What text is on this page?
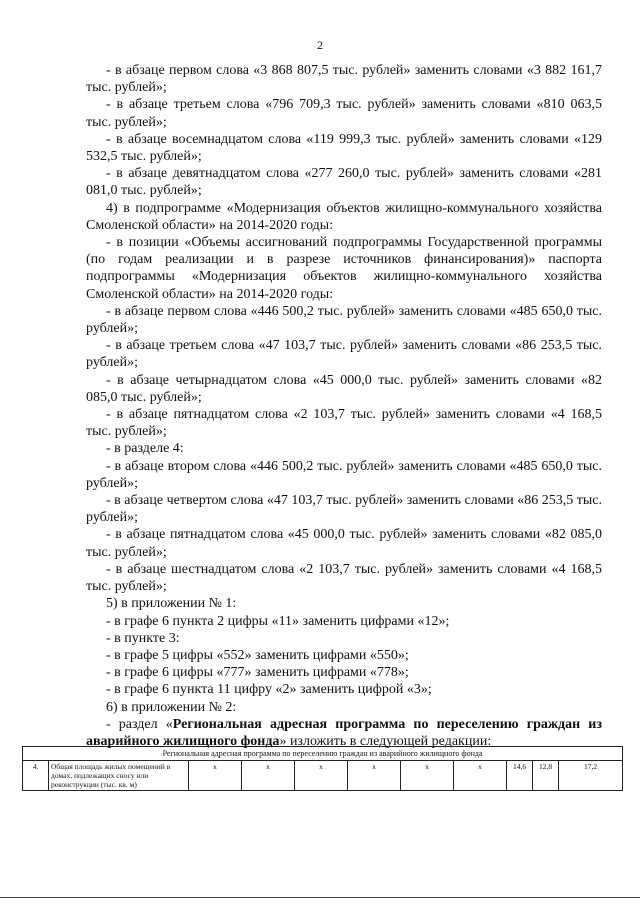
2

- в абзаце первом слова «3 868 807,5 тыс. рублей» заменить словами «3 882 161,7 тыс. рублей»;

- в абзаце третьем слова «796 709,3 тыс. рублей» заменить словами «810 063,5 тыс. рублей»;

- в абзаце восемнадцатом слова «119 999,3 тыс. рублей» заменить словами «129 532,5 тыс. рублей»;

- в абзаце девятнадцатом слова «277 260,0 тыс. рублей» заменить словами «281 081,0 тыс. рублей»;

4) в подпрограмме «Модернизация объектов жилищно-коммунального хозяйства Смоленской области» на 2014-2020 годы:

- в позиции «Объемы ассигнований подпрограммы Государственной программы (по годам реализации и в разрезе источников финансирования)» паспорта подпрограммы «Модернизация объектов жилищно-коммунального хозяйства Смоленской области» на 2014-2020 годы:

- в абзаце первом слова «446 500,2 тыс. рублей» заменить словами «485 650,0 тыс. рублей»;

- в абзаце третьем слова «47 103,7 тыс. рублей» заменить словами «86 253,5 тыс. рублей»;

- в абзаце четырнадцатом слова «45 000,0 тыс. рублей» заменить словами «82 085,0 тыс. рублей»;

- в абзаце пятнадцатом слова «2 103,7 тыс. рублей» заменить словами «4 168,5 тыс. рублей»;

- в разделе 4:

- в абзаце втором слова «446 500,2 тыс. рублей» заменить словами «485 650,0 тыс. рублей»;

- в абзаце четвертом слова «47 103,7 тыс. рублей» заменить словами «86 253,5 тыс. рублей»;

- в абзаце пятнадцатом слова «45 000,0 тыс. рублей» заменить словами «82 085,0 тыс. рублей»;

- в абзаце шестнадцатом слова «2 103,7 тыс. рублей» заменить словами «4 168,5 тыс. рублей»;

5) в приложении № 1:

- в графе 6 пункта 2 цифры «11» заменить цифрами «12»;

- в пункте 3:

- в графе 5 цифры «552» заменить цифрами «550»;

- в графе 6 цифры «777» заменить цифрами «778»;

- в графе 6 пункта 11 цифру «2» заменить цифрой «3»;

6) в приложении № 2:

- раздел «Региональная адресная программа по переселению граждан из аварийного жилищного фонда» изложить в следующей редакции:

Региональная адресная программа по переселению граждан из аварийного жилищного фонда
4.	Общая площадь жилых помещений в домах, подлежащих сносу или реконструкции (тыс. кв. м)	х	х	х	х	х	х	14,6	12,8	17,2
